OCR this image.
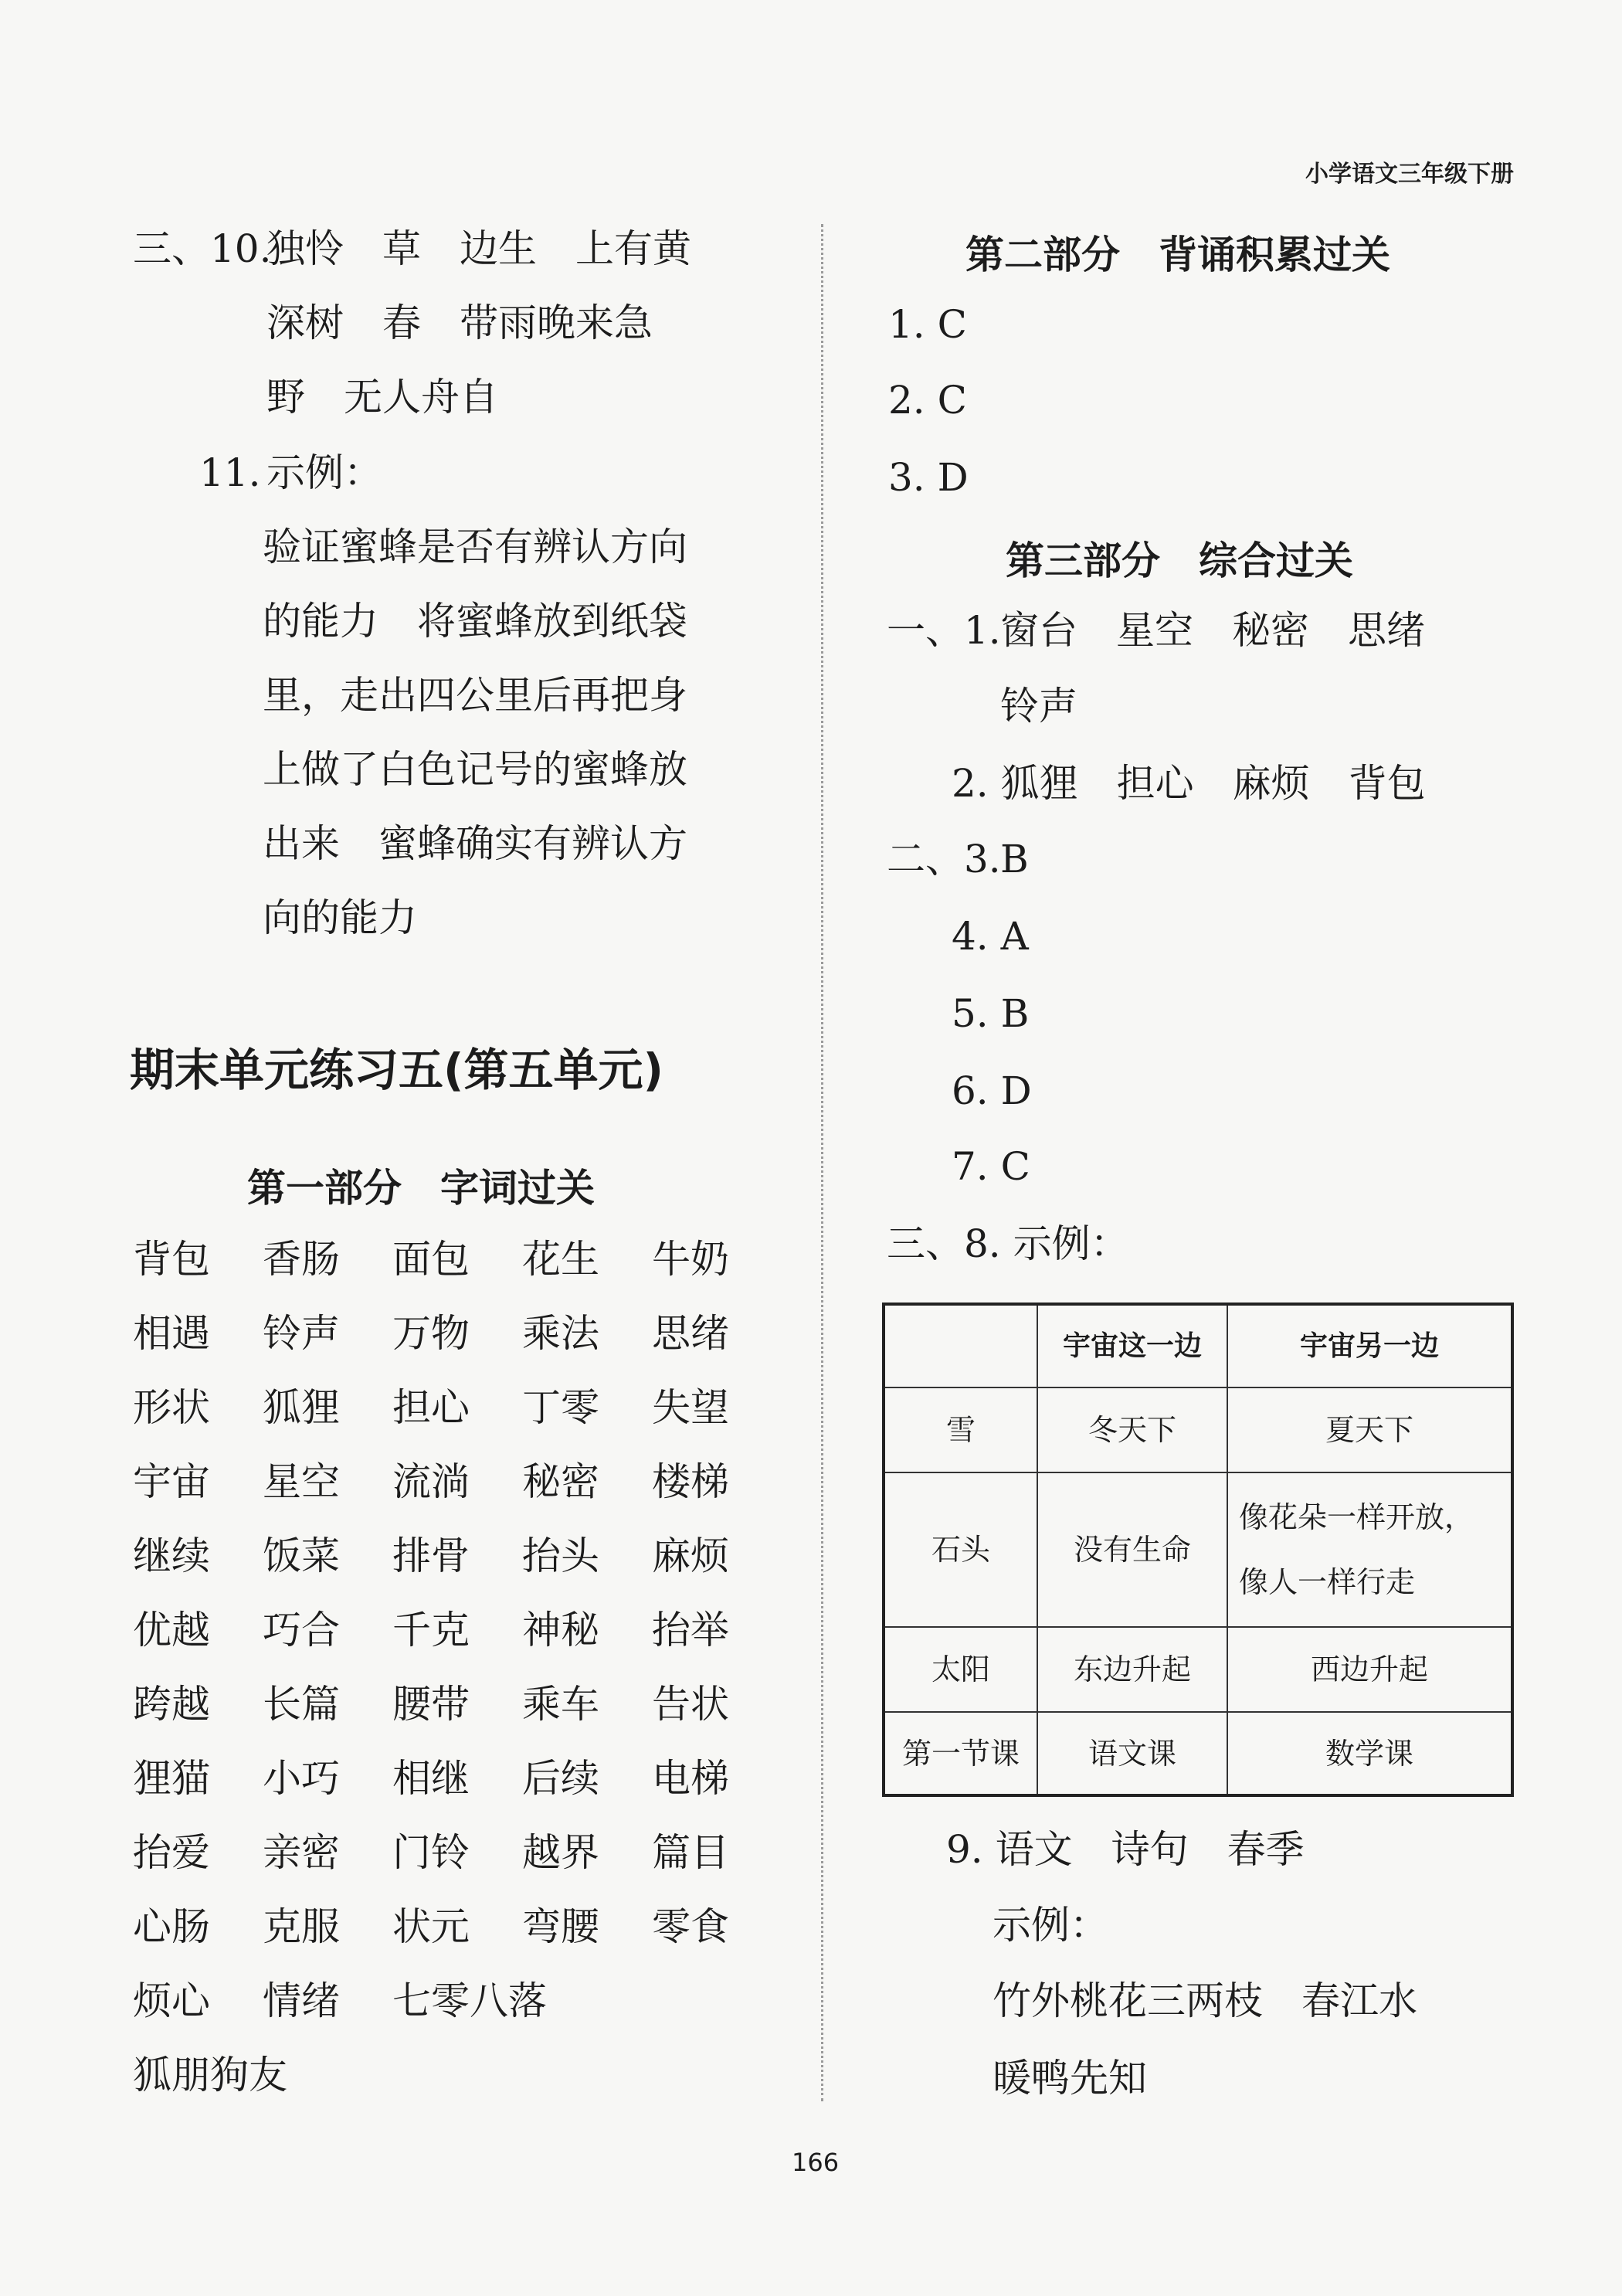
小学语文三年级下册
三、10.
独怜　草　边生　上有黄
深树　春　带雨晚来急
野　无人舟自
11. 示例：
验证蜜蜂是否有辨认方向
的能力　将蜜蜂放到纸袋
里，走出四公里后再把身
上做了白色记号的蜜蜂放
出来　蜜蜂确实有辨认方
向的能力
期末单元练习五(第五单元)
第一部分　字词过关
背包	香肠	面包	花生	牛奶
相遇	铃声	万物	乘法	思绪
形状	狐狸	担心	丁零	失望
宇宙	星空	流淌	秘密	楼梯
继续	饭菜	排骨	抬头	麻烦
优越	巧合	千克	神秘	抬举
跨越	长篇	腰带	乘车	告状
狸猫	小巧	相继	后续	电梯
抬爱	亲密	门铃	越界	篇目
心肠	克服	状元	弯腰	零食
烦心	情绪	七零八落
狐朋狗友
第二部分　背诵积累过关
1. C
2. C
3. D
第三部分　综合过关
一、1. 窗台　星空　秘密　思绪
铃声
2. 狐狸　担心　麻烦　背包
二、3. B
4. A
5. B
6. D
7. C
三、8. 示例：
	宇宙这一边	宇宙另一边
雪	冬天下	夏天下
石头	没有生命	像花朵一样开放，
像人一样行走

太阳	东边升起	西边升起
第一节课	语文课	数学课
9. 语文　诗句　春季
示例：
竹外桃花三两枝　春江水
暖鸭先知
166
